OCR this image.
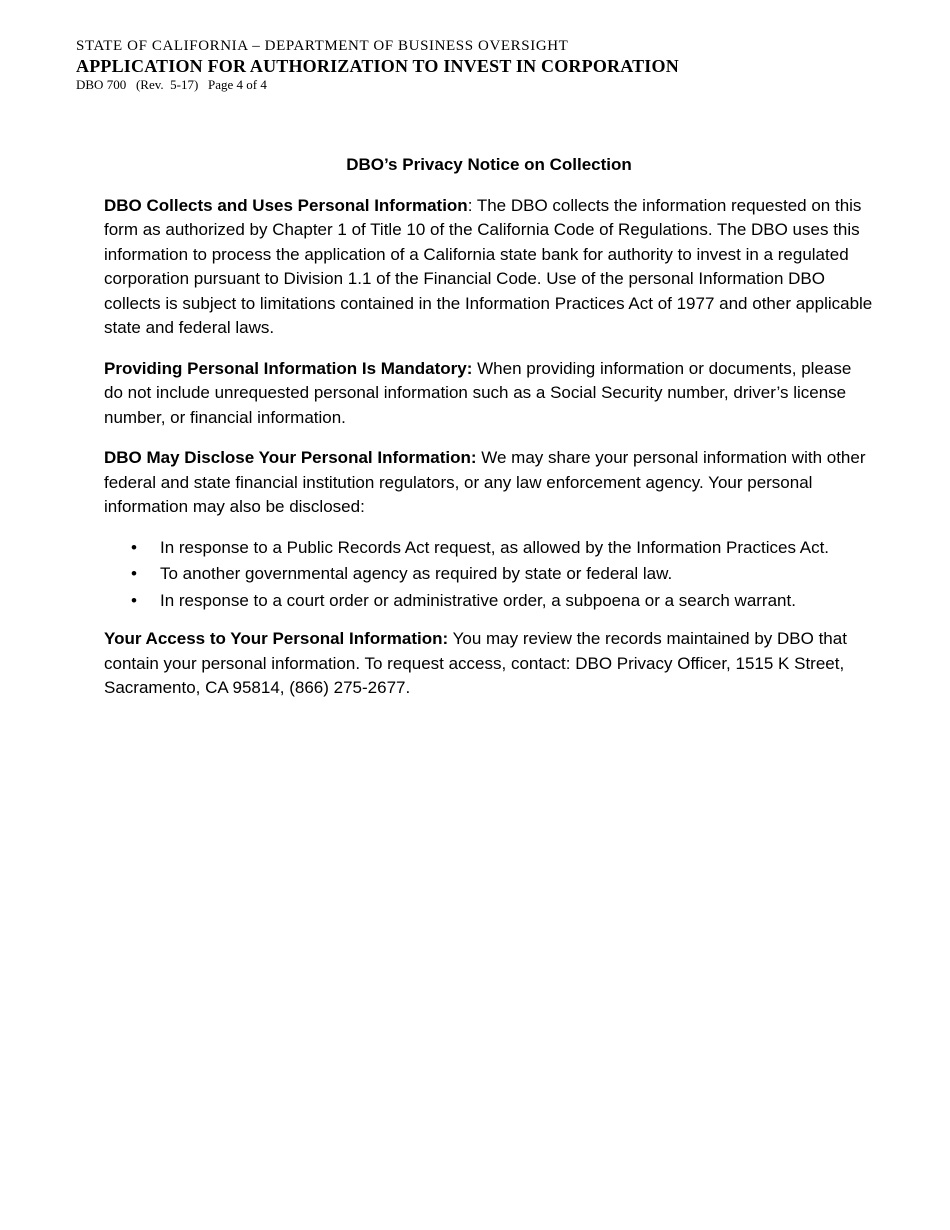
STATE OF CALIFORNIA – DEPARTMENT OF BUSINESS OVERSIGHT
APPLICATION FOR AUTHORIZATION TO INVEST IN CORPORATION
DBO 700   (Rev.  5-17)   Page 4 of 4
DBO’s Privacy Notice on Collection

DBO Collects and Uses Personal Information: The DBO collects the information requested on this form as authorized by Chapter 1 of Title 10 of the California Code of Regulations. The DBO uses this information to process the application of a California state bank for authority to invest in a regulated corporation pursuant to Division 1.1 of the Financial Code. Use of the personal Information DBO collects is subject to limitations contained in the Information Practices Act of 1977 and other applicable state and federal laws.

Providing Personal Information Is Mandatory: When providing information or documents, please do not include unrequested personal information such as a Social Security number, driver’s license number, or financial information.

DBO May Disclose Your Personal Information: We may share your personal information with other federal and state financial institution regulators, or any law enforcement agency. Your personal information may also be disclosed:

• In response to a Public Records Act request, as allowed by the Information Practices Act.
• To another governmental agency as required by state or federal law.
• In response to a court order or administrative order, a subpoena or a search warrant.

Your Access to Your Personal Information: You may review the records maintained by DBO that contain your personal information. To request access, contact: DBO Privacy Officer, 1515 K Street, Sacramento, CA 95814, (866) 275-2677.
